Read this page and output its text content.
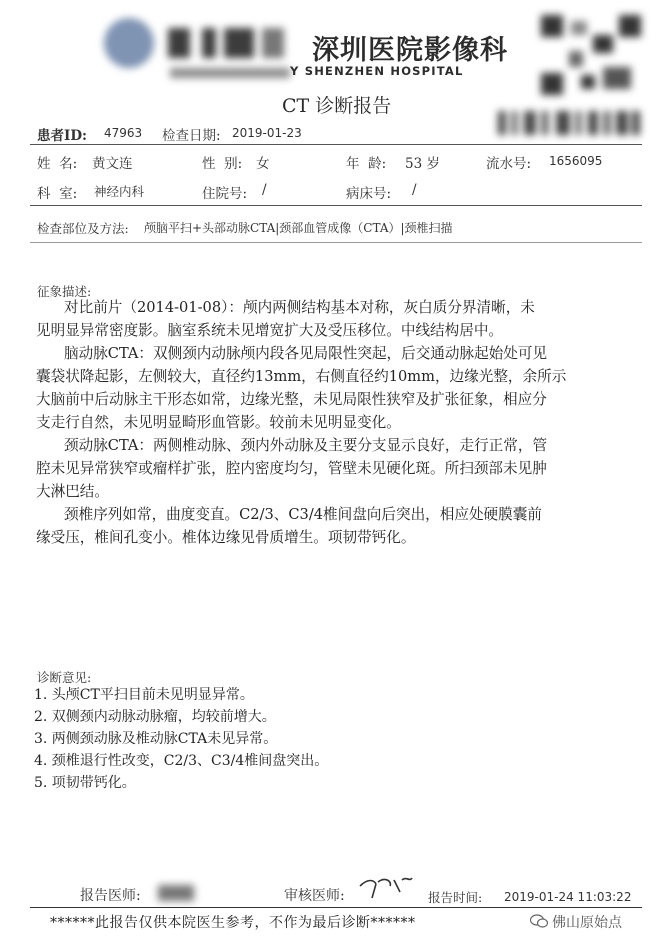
深圳医院影像科
Y SHENZHEN HOSPITAL
CT 诊断报告
患者ID: 47963 检查日期: 2019-01-23
姓  名: 黄文连	性  别: 女	年  龄: 53 岁	流水号: 1656095
科  室: 神经内科	住院号: /	病床号: /
检查部位及方法: 颅脑平扫+头部动脉CTA|颈部血管成像（CTA）|颈椎扫描
征象描述:
对比前片（2014-01-08）：颅内两侧结构基本对称，灰白质分界清晰，未
见明显异常密度影。脑室系统未见增宽扩大及受压移位。中线结构居中。
脑动脉CTA：双侧颈内动脉颅内段各见局限性突起，后交通动脉起始处可见
囊袋状降起影，左侧较大，直径约13mm，右侧直径约10mm，边缘光整，余所示
大脑前中后动脉主干形态如常，边缘光整，未见局限性狭窄及扩张征象，相应分
支走行自然，未见明显畸形血管影。较前未见明显变化。
颈动脉CTA：两侧椎动脉、颈内外动脉及主要分支显示良好，走行正常，管
腔未见异常狭窄或瘤样扩张，腔内密度均匀，管壁未见硬化斑。所扫颈部未见肿
大淋巴结。
颈椎序列如常，曲度变直。C2/3、C3/4椎间盘向后突出，相应处硬膜囊前
缘受压，椎间孔变小。椎体边缘见骨质增生。项韧带钙化。
诊断意见:
1. 头颅CT平扫目前未见明显异常。
2. 双侧颈内动脉动脉瘤，均较前增大。
3. 两侧颈动脉及椎动脉CTA未见异常。
4. 颈椎退行性改变，C2/3、C3/4椎间盘突出。
5. 项韧带钙化。
报告医师:	审核医师:	报告时间: 2019-01-24 11:03:22
******此报告仅供本院医生参考，不作为最后诊断******	佛山原始点
